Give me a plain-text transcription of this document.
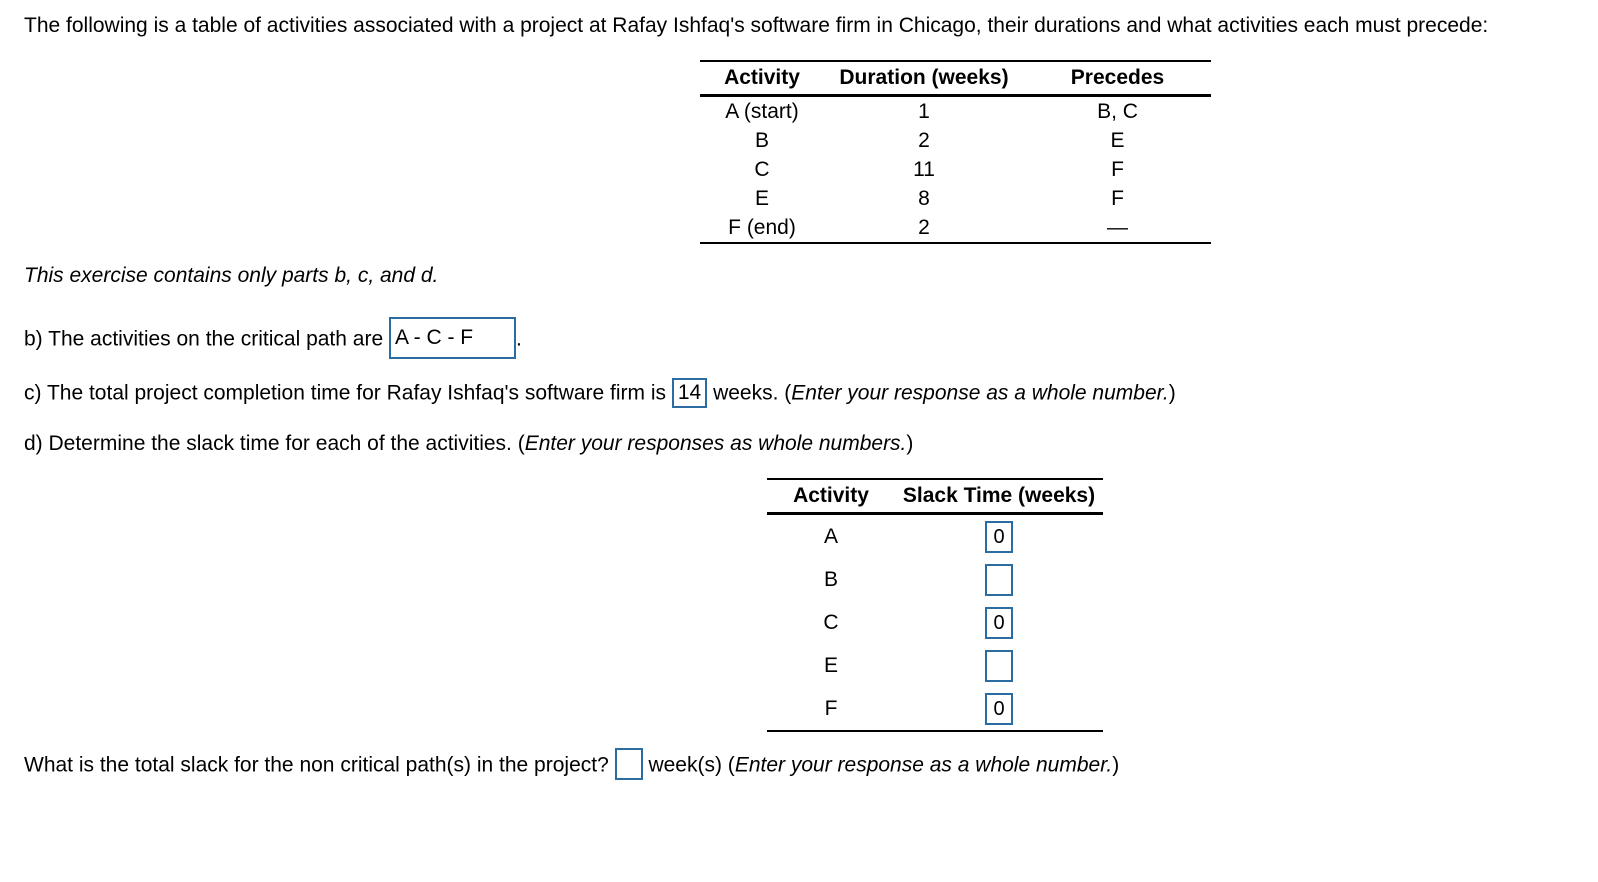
The following is a table of activities associated with a project at Rafay Ishfaq's software firm in Chicago, their durations and what activities each must precede:
Activity	Duration (weeks)	Precedes
A (start)	1	B, C
B	2	E
C	11	F
E	8	F
F (end)	2	—
This exercise contains only parts b, c, and d.
b) The activities on the critical path are A - C - F .
c) The total project completion time for Rafay Ishfaq's software firm is 14 weeks. (Enter your response as a whole number.)
d) Determine the slack time for each of the activities. (Enter your responses as whole numbers.)
Activity	Slack Time (weeks)
A	0
B	
C	0
E	
F	0
What is the total slack for the non critical path(s) in the project?  week(s) (Enter your response as a whole number.)
